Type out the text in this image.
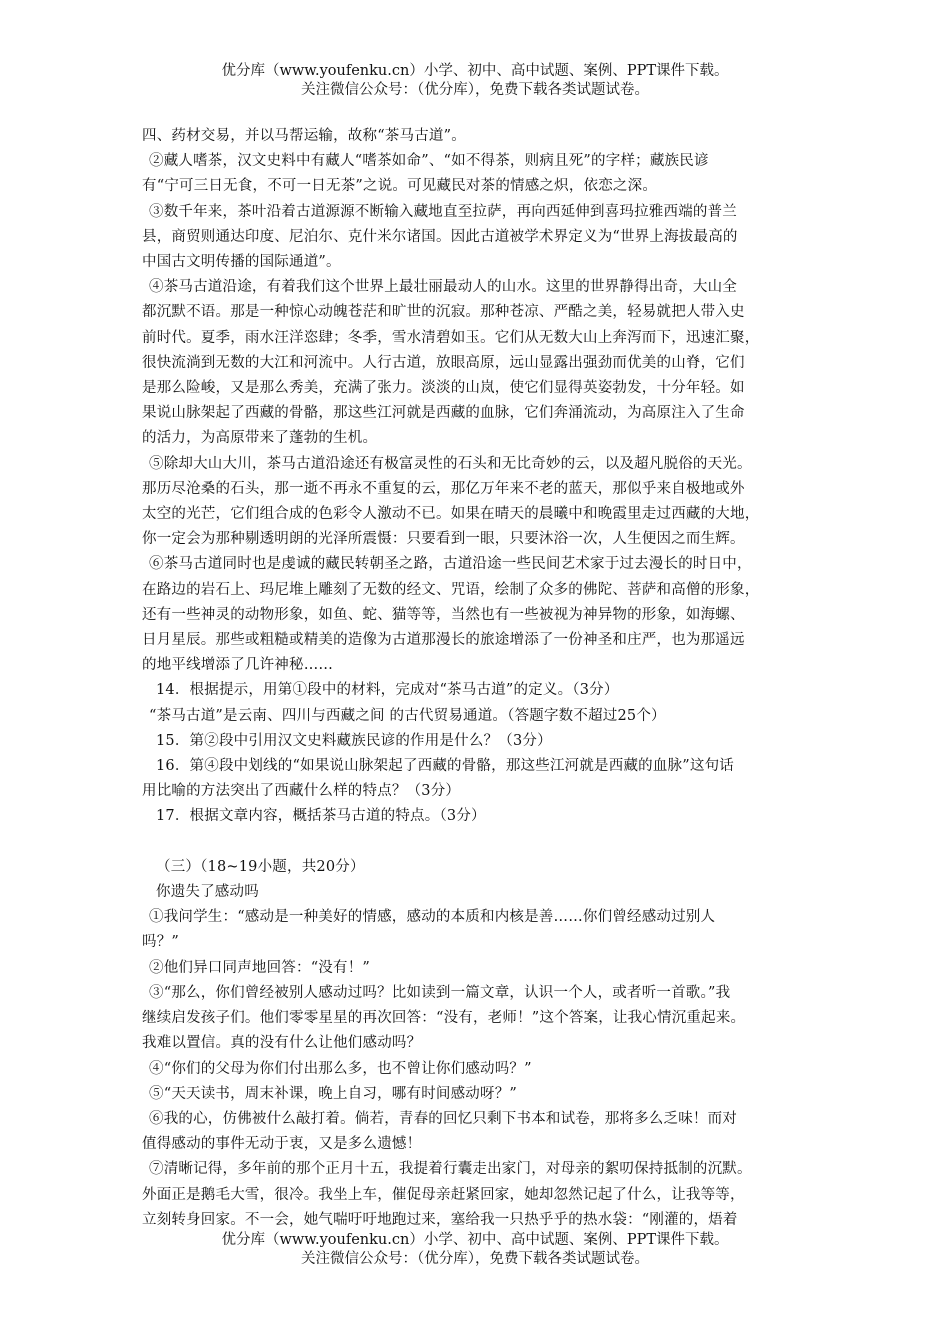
优分库（www.youfenku.cn）小学、初中、高中试题、案例、PPT课件下载。
关注微信公众号：（优分库），免费下载各类试题试卷。
四、药材交易，并以马帮运输，故称“茶马古道”。
②藏人嗜茶，汉文史料中有藏人“嗜茶如命”、“如不得茶，则病且死”的字样；藏族民谚
有“宁可三日无食，不可一日无茶”之说。可见藏民对茶的情感之炽，依恋之深。
③数千年来，茶叶沿着古道源源不断输入藏地直至拉萨，再向西延伸到喜玛拉雅西端的普兰
县，商贸则通达印度、尼泊尔、克什米尔诸国。因此古道被学术界定义为“世界上海拔最高的
中国古文明传播的国际通道”。
④茶马古道沿途，有着我们这个世界上最壮丽最动人的山水。这里的世界静得出奇，大山全
都沉默不语。那是一种惊心动魄苍茫和旷世的沉寂。那种苍凉、严酷之美，轻易就把人带入史
前时代。夏季，雨水汪洋恣肆；冬季，雪水清碧如玉。它们从无数大山上奔泻而下，迅速汇聚，
很快流淌到无数的大江和河流中。人行古道，放眼高原，远山显露出强劲而优美的山脊，它们
是那么险峻，又是那么秀美，充满了张力。淡淡的山岚，使它们显得英姿勃发，十分年轻。如
果说山脉架起了西藏的骨骼，那这些江河就是西藏的血脉，它们奔涌流动，为高原注入了生命
的活力，为高原带来了蓬勃的生机。
⑤除却大山大川，茶马古道沿途还有极富灵性的石头和无比奇妙的云，以及超凡脱俗的天光。
那历尽沧桑的石头，那一逝不再永不重复的云，那亿万年来不老的蓝天，那似乎来自极地或外
太空的光芒，它们组合成的色彩令人激动不已。如果在晴天的晨曦中和晚霞里走过西藏的大地，
你一定会为那种剔透明朗的光泽所震慑：只要看到一眼，只要沐浴一次，人生便因之而生辉。
⑥茶马古道同时也是虔诚的藏民转朝圣之路，古道沿途一些民间艺术家于过去漫长的时日中，
在路边的岩石上、玛尼堆上雕刻了无数的经文、咒语，绘制了众多的佛陀、菩萨和高僧的形象，
还有一些神灵的动物形象，如鱼、蛇、猫等等，当然也有一些被视为神异物的形象，如海螺、
日月星辰。那些或粗糙或精美的造像为古道那漫长的旅途增添了一份神圣和庄严，也为那遥远
的地平线增添了几许神秘……
14．根据提示，用第①段中的材料，完成对“茶马古道”的定义。（3分）
“茶马古道”是云南、四川与西藏之间 的古代贸易通道。（答题字数不超过25个）
15．第②段中引用汉文史料藏族民谚的作用是什么？（3分）
16．第④段中划线的“如果说山脉架起了西藏的骨骼，那这些江河就是西藏的血脉”这句话
用比喻的方法突出了西藏什么样的特点？（3分）
17．根据文章内容，概括茶马古道的特点。（3分）
（三）（18~19小题，共20分）
你遗失了感动吗
①我问学生：“感动是一种美好的情感，感动的本质和内核是善……你们曾经感动过别人
吗？”
②他们异口同声地回答：“没有！”
③“那么，你们曾经被别人感动过吗？比如读到一篇文章，认识一个人，或者听一首歌。”我
继续启发孩子们。他们零零星星的再次回答：“没有，老师！”这个答案，让我心情沉重起来。
我难以置信。真的没有什么让他们感动吗？
④“你们的父母为你们付出那么多，也不曾让你们感动吗？”
⑤“天天读书，周末补课，晚上自习，哪有时间感动呀？”
⑥我的心，仿佛被什么敲打着。倘若，青春的回忆只剩下书本和试卷，那将多么乏味！而对
值得感动的事件无动于衷，又是多么遗憾！
⑦清晰记得，多年前的那个正月十五，我提着行囊走出家门，对母亲的絮叨保持抵制的沉默。
外面正是鹅毛大雪，很冷。我坐上车，催促母亲赶紧回家，她却忽然记起了什么，让我等等，
立刻转身回家。不一会，她气喘吁吁地跑过来，塞给我一只热乎乎的热水袋：“刚灌的，焐着
优分库（www.youfenku.cn）小学、初中、高中试题、案例、PPT课件下载。
关注微信公众号：（优分库），免费下载各类试题试卷。
